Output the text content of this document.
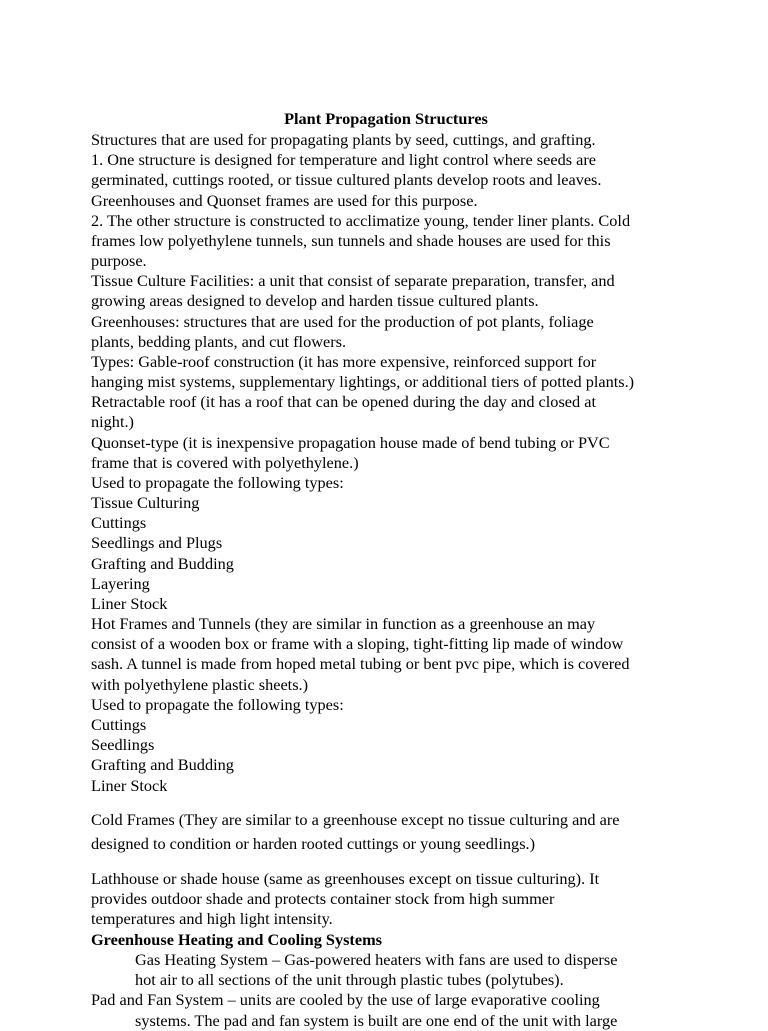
Plant Propagation Structures
Structures that are used for propagating plants by seed, cuttings, and grafting.
1. One structure is designed for temperature and light control where seeds are
germinated, cuttings rooted, or tissue cultured plants develop roots and leaves.
Greenhouses and Quonset frames are used for this purpose.
2. The other structure is constructed to acclimatize young, tender liner plants. Cold
frames low polyethylene tunnels, sun tunnels and shade houses are used for this
purpose.
Tissue Culture Facilities: a unit that consist of separate preparation, transfer, and
growing areas designed to develop and harden tissue cultured plants.
Greenhouses: structures that are used for the production of pot plants, foliage
plants, bedding plants, and cut flowers.
Types: Gable-roof construction (it has more expensive, reinforced support for
hanging mist systems, supplementary lightings, or additional tiers of potted plants.)
Retractable roof (it has a roof that can be opened during the day and closed at
night.)
Quonset-type (it is inexpensive propagation house made of bend tubing or PVC
frame that is covered with polyethylene.)
Used to propagate the following types:
Tissue Culturing
Cuttings
Seedlings and Plugs
Grafting and Budding
Layering
Liner Stock
Hot Frames and Tunnels (they are similar in function as a greenhouse an may
consist of a wooden box or frame with a sloping, tight-fitting lip made of window
sash. A tunnel is made from hoped metal tubing or bent pvc pipe, which is covered
with polyethylene plastic sheets.)
Used to propagate the following types:
Cuttings
Seedlings
Grafting and Budding
Liner Stock
Cold Frames (They are similar to a greenhouse except no tissue culturing and are
designed to condition or harden rooted cuttings or young seedlings.)
Lathhouse or shade house (same as greenhouses except on tissue culturing). It
provides outdoor shade and protects container stock from high summer
temperatures and high light intensity.
Greenhouse Heating and Cooling Systems
Gas Heating System – Gas-powered heaters with fans are used to disperse
hot air to all sections of the unit through plastic tubes (polytubes).
Pad and Fan System – units are cooled by the use of large evaporative cooling
systems. The pad and fan system is built are one end of the unit with large
